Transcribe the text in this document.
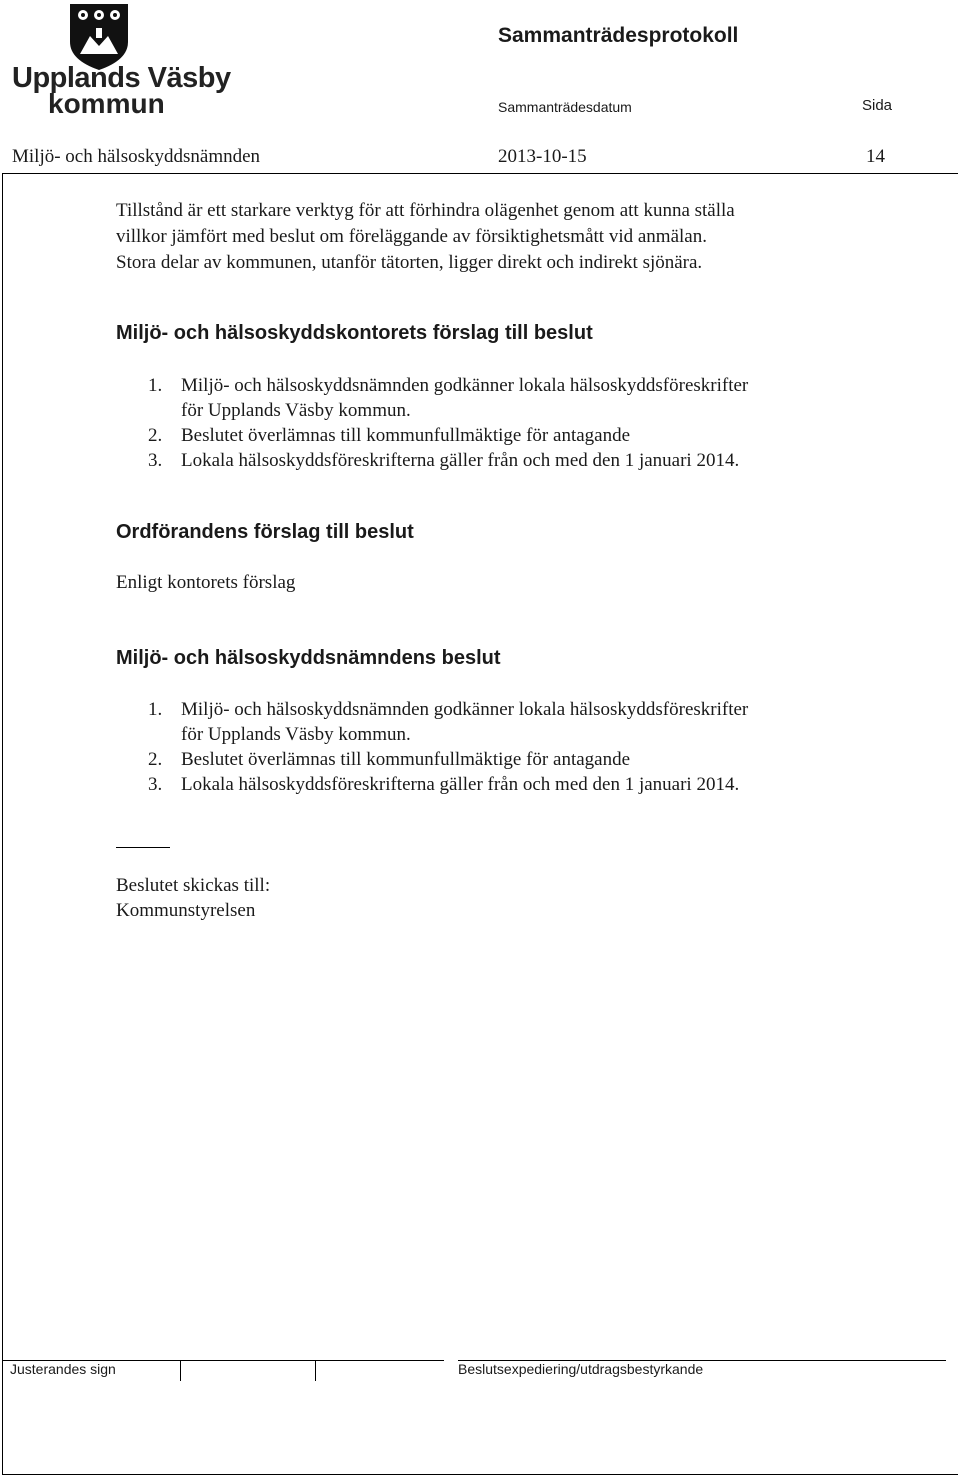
Upplands Väsby
kommun
Sammanträdesprotokoll
Sammanträdesdatum	Sida
Miljö- och hälsoskyddsnämnden	2013-10-15	14
Tillstånd är ett starkare verktyg för att förhindra olägenhet genom att kunna ställa
villkor jämfört med beslut om föreläggande av försiktighetsmått vid anmälan.
Stora delar av kommunen, utanför tätorten, ligger direkt och indirekt sjönära.
Miljö- och hälsoskyddskontorets förslag till beslut
1. Miljö- och hälsoskyddsnämnden godkänner lokala hälsoskyddsföreskrifter
för Upplands Väsby kommun.
2. Beslutet överlämnas till kommunfullmäktige för antagande
3. Lokala hälsoskyddsföreskrifterna gäller från och med den 1 januari 2014.
Ordförandens förslag till beslut
Enligt kontorets förslag
Miljö- och hälsoskyddsnämndens beslut
1. Miljö- och hälsoskyddsnämnden godkänner lokala hälsoskyddsföreskrifter
för Upplands Väsby kommun.
2. Beslutet överlämnas till kommunfullmäktige för antagande
3. Lokala hälsoskyddsföreskrifterna gäller från och med den 1 januari 2014.
Beslutet skickas till:
Kommunstyrelsen
Justerandes sign	Beslutsexpediering/utdragsbestyrkande
